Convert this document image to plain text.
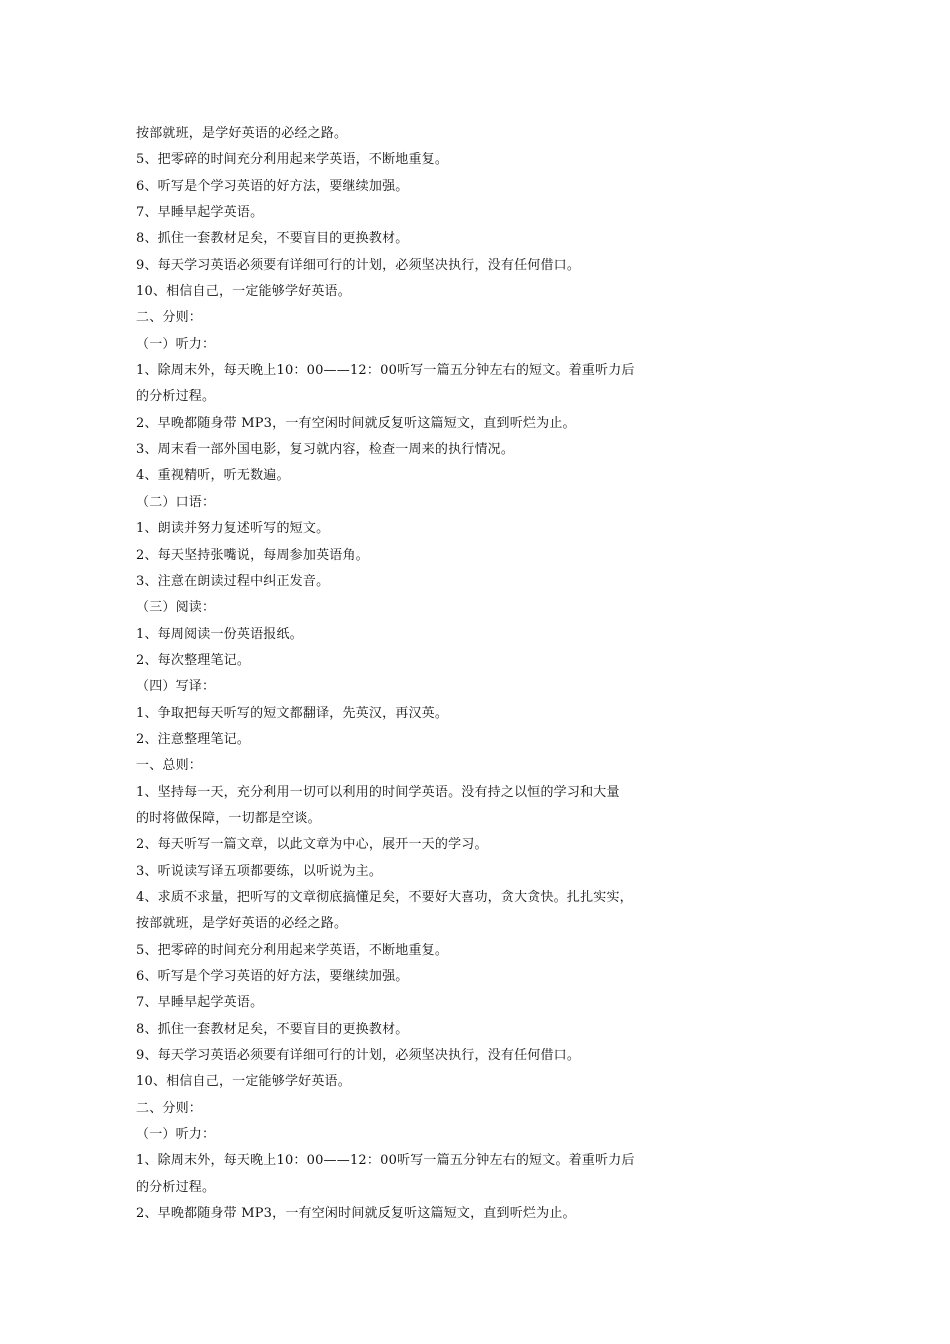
按部就班，是学好英语的必经之路。
5、把零碎的时间充分利用起来学英语，不断地重复。
6、听写是个学习英语的好方法，要继续加强。
7、早睡早起学英语。
8、抓住一套教材足矣，不要盲目的更换教材。
9、每天学习英语必须要有详细可行的计划，必须坚决执行，没有任何借口。
10、相信自己，一定能够学好英语。
二、分则：
（一）听力：
1、除周末外，每天晚上10：00——12：00听写一篇五分钟左右的短文。着重听力后
的分析过程。
2、早晚都随身带 MP3，一有空闲时间就反复听这篇短文，直到听烂为止。
3、周末看一部外国电影，复习就内容，检查一周来的执行情况。
4、重视精听，听无数遍。
（二）口语：
1、朗读并努力复述听写的短文。
2、每天坚持张嘴说，每周参加英语角。
3、注意在朗读过程中纠正发音。
（三）阅读：
1、每周阅读一份英语报纸。
2、每次整理笔记。
（四）写译：
1、争取把每天听写的短文都翻译，先英汉，再汉英。
2、注意整理笔记。
一、总则：
1、坚持每一天，充分利用一切可以利用的时间学英语。没有持之以恒的学习和大量
的时将做保障，一切都是空谈。
2、每天听写一篇文章，以此文章为中心，展开一天的学习。
3、听说读写译五项都要练，以听说为主。
4、求质不求量，把听写的文章彻底搞懂足矣，不要好大喜功，贪大贪快。扎扎实实，
按部就班，是学好英语的必经之路。
5、把零碎的时间充分利用起来学英语，不断地重复。
6、听写是个学习英语的好方法，要继续加强。
7、早睡早起学英语。
8、抓住一套教材足矣，不要盲目的更换教材。
9、每天学习英语必须要有详细可行的计划，必须坚决执行，没有任何借口。
10、相信自己，一定能够学好英语。
二、分则：
（一）听力：
1、除周末外，每天晚上10：00——12：00听写一篇五分钟左右的短文。着重听力后
的分析过程。
2、早晚都随身带 MP3，一有空闲时间就反复听这篇短文，直到听烂为止。
